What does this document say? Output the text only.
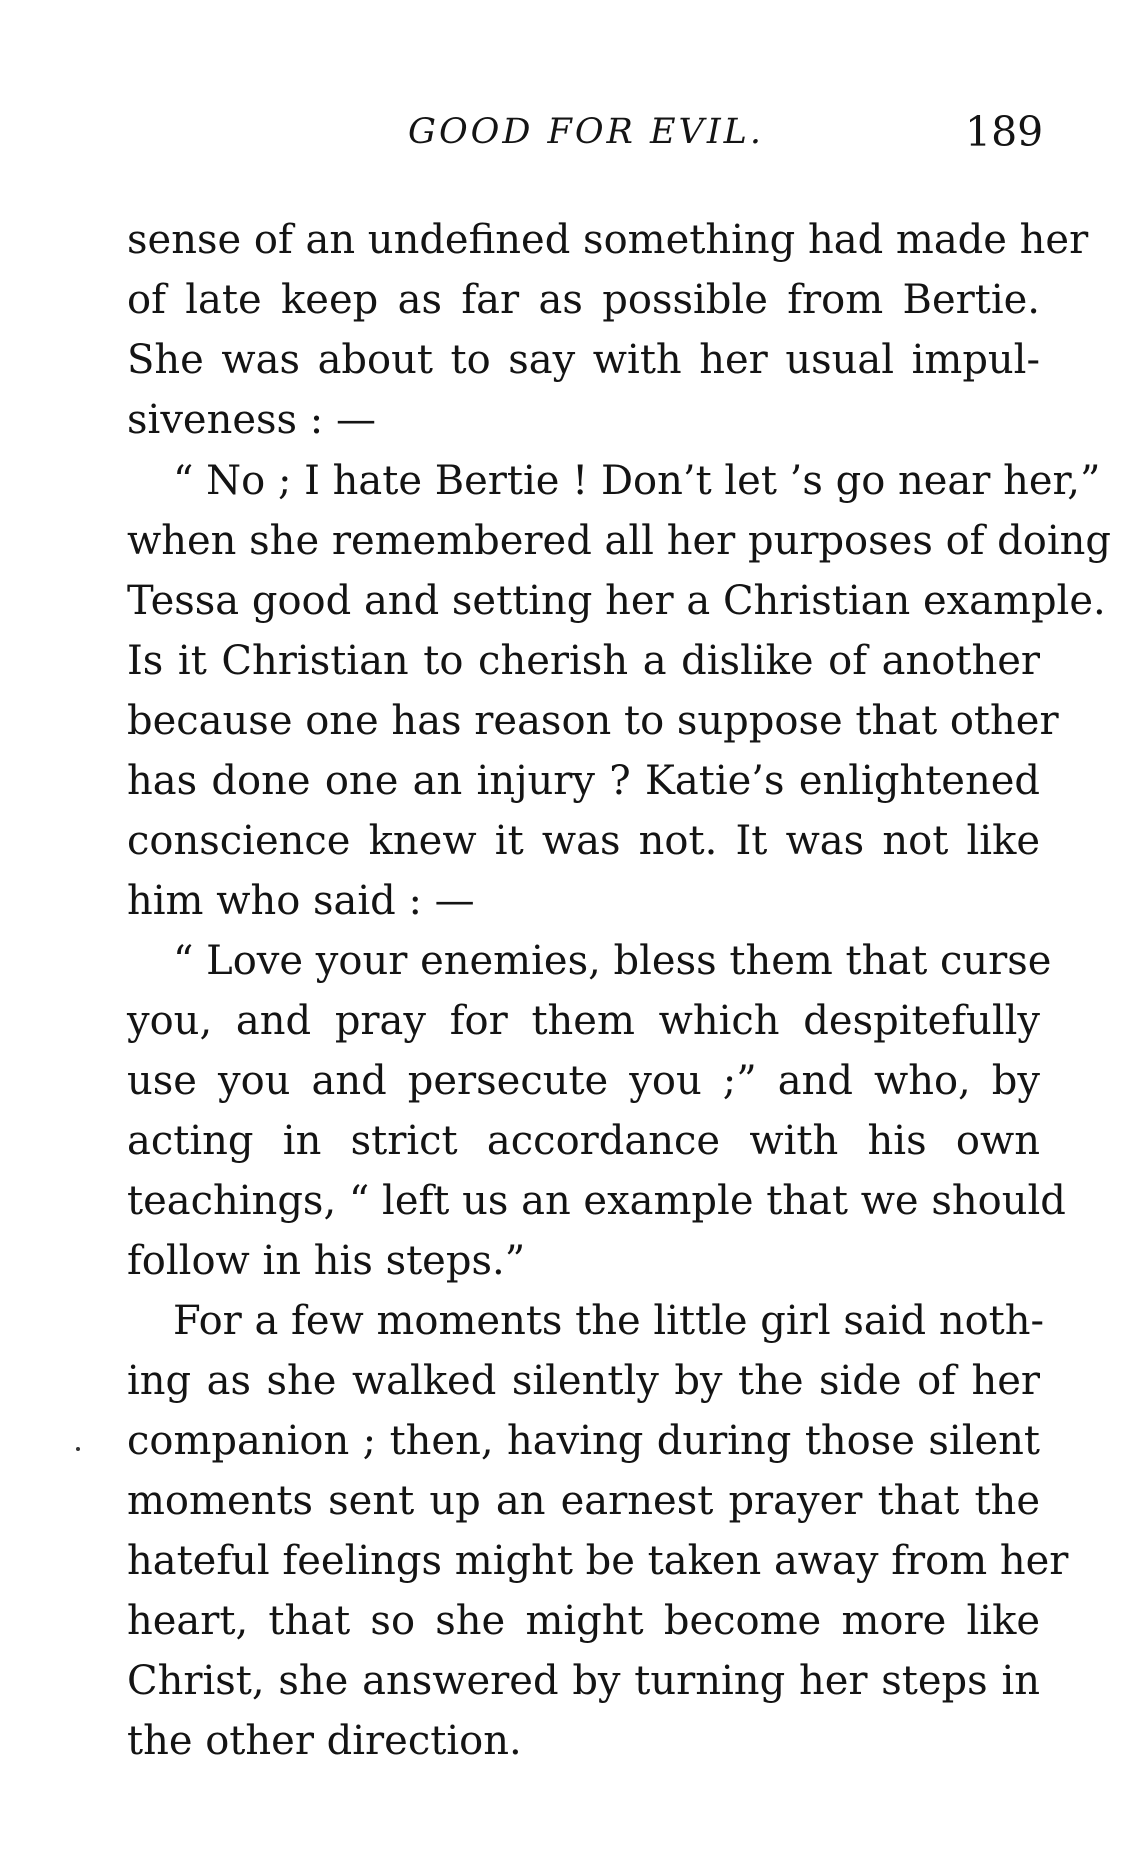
GOOD FOR EVIL.	189
sense of an undefined something had made her
of late keep as far as possible from Bertie.
She was about to say with her usual impul-
siveness : —
“ No ; I hate Bertie ! Don’t let ’s go near her,”
when she remembered all her purposes of doing
Tessa good and setting her a Christian example.
Is it Christian to cherish a dislike of another
because one has reason to suppose that other
has done one an injury ? Katie’s enlightened
conscience knew it was not. It was not like
him who said : —
“ Love your enemies, bless them that curse
you, and pray for them which despitefully
use you and persecute you ;” and who, by
acting in strict accordance with his own
teachings, “ left us an example that we should
follow in his steps.”
For a few moments the little girl said noth-
ing as she walked silently by the side of her
companion ; then, having during those silent
moments sent up an earnest prayer that the
hateful feelings might be taken away from her
heart, that so she might become more like
Christ, she answered by turning her steps in
the other direction.
